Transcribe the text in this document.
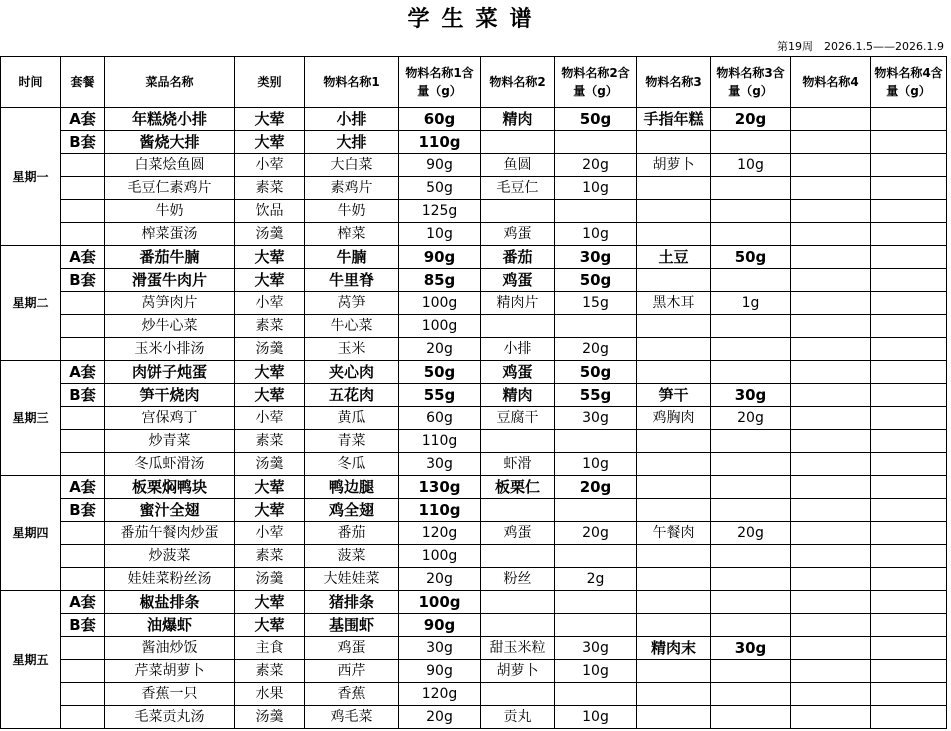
学生菜谱
第19周　2026.1.5——2026.1.9
时间	套餐	菜品名称	类别	物料名称1	物料名称1含量（g）	物料名称2	物料名称2含量（g）	物料名称3	物料名称3含量（g）	物料名称4	物料名称4含量（g）
星期一	A套	年糕烧小排	大荤	小排	60g	精肉	50g	手指年糕	20g		
	B套	酱烧大排	大荤	大排	110g						
		白菜烩鱼圆	小荤	大白菜	90g	鱼圆	20g	胡萝卜	10g		
		毛豆仁素鸡片	素菜	素鸡片	50g	毛豆仁	10g				
		牛奶	饮品	牛奶	125g						
		榨菜蛋汤	汤羹	榨菜	10g	鸡蛋	10g				
星期二	A套	番茄牛腩	大荤	牛腩	90g	番茄	30g	土豆	50g		
	B套	滑蛋牛肉片	大荤	牛里脊	85g	鸡蛋	50g				
		莴笋肉片	小荤	莴笋	100g	精肉片	15g	黑木耳	1g		
		炒牛心菜	素菜	牛心菜	100g						
		玉米小排汤	汤羹	玉米	20g	小排	20g				
星期三	A套	肉饼子炖蛋	大荤	夹心肉	50g	鸡蛋	50g				
	B套	笋干烧肉	大荤	五花肉	55g	精肉	55g	笋干	30g		
		宫保鸡丁	小荤	黄瓜	60g	豆腐干	30g	鸡胸肉	20g		
		炒青菜	素菜	青菜	110g						
		冬瓜虾滑汤	汤羹	冬瓜	30g	虾滑	10g				
星期四	A套	板栗焖鸭块	大荤	鸭边腿	130g	板栗仁	20g				
	B套	蜜汁全翅	大荤	鸡全翅	110g						
		番茄午餐肉炒蛋	小荤	番茄	120g	鸡蛋	20g	午餐肉	20g		
		炒菠菜	素菜	菠菜	100g						
		娃娃菜粉丝汤	汤羹	大娃娃菜	20g	粉丝	2g				
星期五	A套	椒盐排条	大荤	猪排条	100g						
	B套	油爆虾	大荤	基围虾	90g						
		酱油炒饭	主食	鸡蛋	30g	甜玉米粒	30g	精肉末	30g		
		芹菜胡萝卜	素菜	西芹	90g	胡萝卜	10g				
		香蕉一只	水果	香蕉	120g						
		毛菜贡丸汤	汤羹	鸡毛菜	20g	贡丸	10g				
